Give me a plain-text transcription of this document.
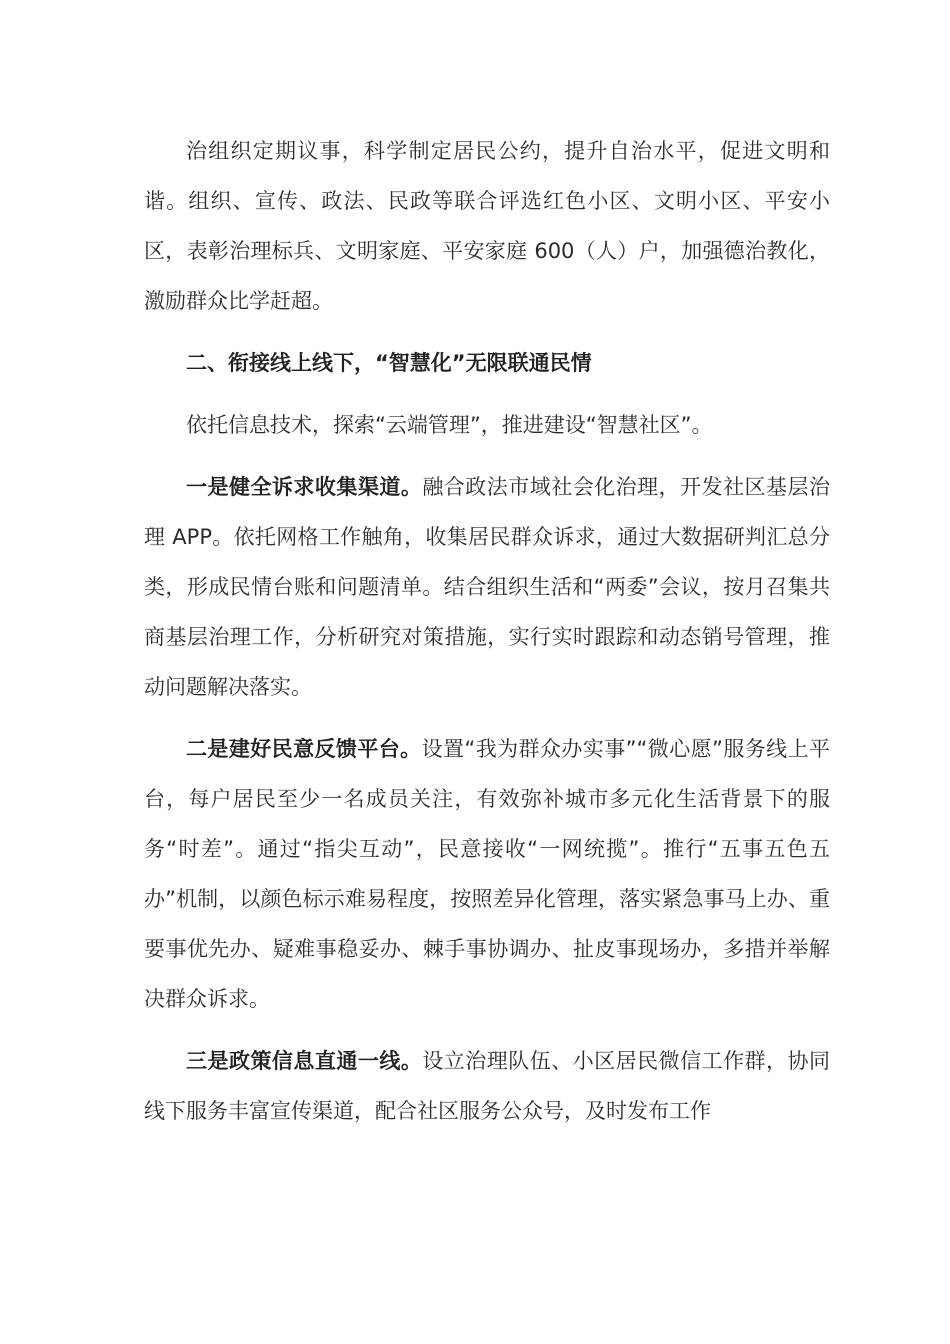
治组织定期议事，科学制定居民公约，提升自治水平，促进文明和谐。组织、宣传、政法、民政等联合评选红色小区、文明小区、平安小区，表彰治理标兵、文明家庭、平安家庭 600（人）户，加强德治教化，激励群众比学赶超。

二、衔接线上线下，“智慧化”无限联通民情

依托信息技术，探索“云端管理”，推进建设“智慧社区”。

一是健全诉求收集渠道。融合政法市域社会化治理，开发社区基层治理 APP。依托网格工作触角，收集居民群众诉求，通过大数据研判汇总分类，形成民情台账和问题清单。结合组织生活和“两委”会议，按月召集共商基层治理工作，分析研究对策措施，实行实时跟踪和动态销号管理，推动问题解决落实。

二是建好民意反馈平台。设置“我为群众办实事”“微心愿”服务线上平台，每户居民至少一名成员关注，有效弥补城市多元化生活背景下的服务“时差”。通过“指尖互动”，民意接收“一网统揽”。推行“五事五色五办”机制，以颜色标示难易程度，按照差异化管理，落实紧急事马上办、重要事优先办、疑难事稳妥办、棘手事协调办、扯皮事现场办，多措并举解决群众诉求。

三是政策信息直通一线。设立治理队伍、小区居民微信工作群，协同线下服务丰富宣传渠道，配合社区服务公众号，及时发布工作
